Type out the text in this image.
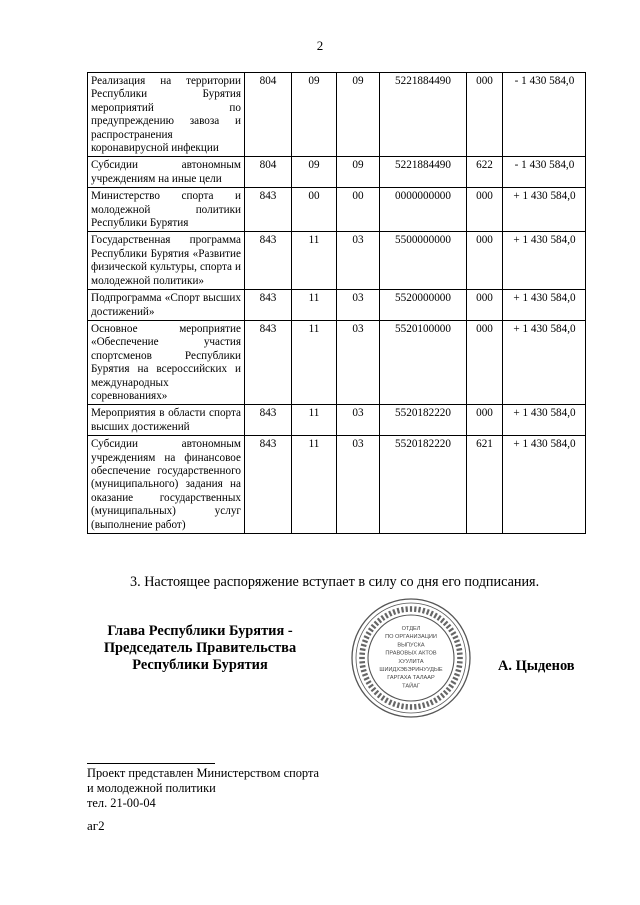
2
Реализация на территории Республики Бурятия мероприятий по предупреждению завоза и распространения коронавирусной инфекции	804	09	09	5221884490	000	- 1 430 584,0
Субсидии автономным учреждениям на иные цели	804	09	09	5221884490	622	- 1 430 584,0
Министерство спорта и молодежной политики Республики Бурятия	843	00	00	0000000000	000	+ 1 430 584,0
Государственная программа Республики Бурятия «Развитие физической культуры, спорта и молодежной политики»	843	11	03	5500000000	000	+ 1 430 584,0
Подпрограмма «Спорт высших достижений»	843	11	03	5520000000	000	+ 1 430 584,0
Основное мероприятие «Обеспечение участия спортсменов Республики Бурятия на всероссийских и международных соревнованиях»	843	11	03	5520100000	000	+ 1 430 584,0
Мероприятия в области спорта высших достижений	843	11	03	5520182220	000	+ 1 430 584,0
Субсидии автономным учреждениям на финансовое обеспечение государственного (муниципального) задания на оказание государственных (муниципальных) услуг (выполнение работ)	843	11	03	5520182220	621	+ 1 430 584,0
3. Настоящее распоряжение вступает в силу со дня его подписания.
Глава Республики Бурятия -
Председатель Правительства
Республики Бурятия
ОТДЕЛ
ПО ОРГАНИЗАЦИИ
ВЫПУСКА
ПРАВОВЫХ АКТОВ
ХУУЛИТА
ШИИДХЭБЭРИНУУДЫЕ
ГАРГАХА ТАЛААР
ТАЙАГ
А. Цыденов
Проект представлен Министерством спорта
и молодежной политики
тел. 21-00-04
аг2
